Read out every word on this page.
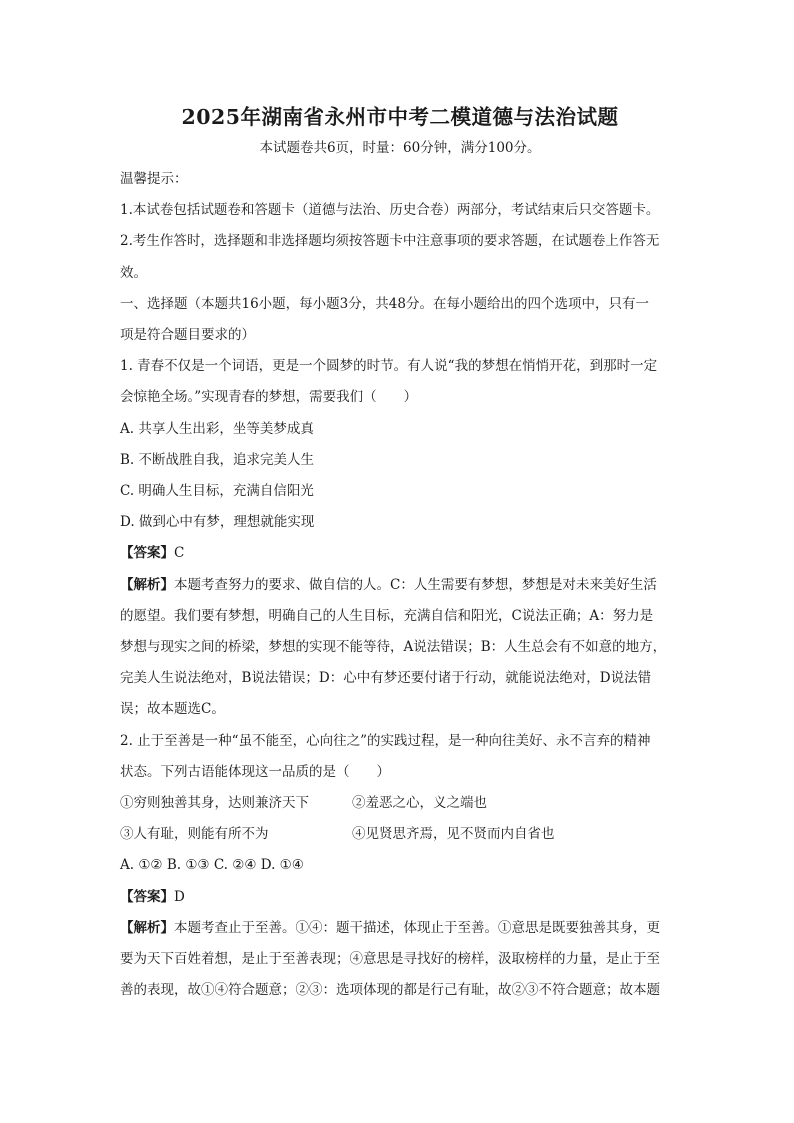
2025年湖南省永州市中考二模道德与法治试题

本试题卷共6页，时量：60分钟，满分100分。

温馨提示：

1.本试卷包括试题卷和答题卡（道德与法治、历史合卷）两部分，考试结束后只交答题卡。

2.考生作答时，选择题和非选择题均须按答题卡中注意事项的要求答题，在试题卷上作答无

效。

一、选择题（本题共16小题，每小题3分，共48分。在每小题给出的四个选项中，只有一

项是符合题目要求的）

1. 青春不仅是一个词语，更是一个圆梦的时节。有人说“我的梦想在悄悄开花，到那时一定

会惊艳全场。”实现青春的梦想，需要我们（　　）

A. 共享人生出彩，坐等美梦成真

B. 不断战胜自我，追求完美人生

C. 明确人生目标，充满自信阳光

D. 做到心中有梦，理想就能实现

【答案】C

【解析】本题考查努力的要求、做自信的人。C：人生需要有梦想，梦想是对未来美好生活

的愿望。我们要有梦想，明确自己的人生目标，充满自信和阳光，C说法正确；A：努力是

梦想与现实之间的桥梁，梦想的实现不能等待，A说法错误；B：人生总会有不如意的地方，

完美人生说法绝对，B说法错误；D：心中有梦还要付诸于行动，就能说法绝对，D说法错

误；故本题选C。

2. 止于至善是一种“虽不能至，心向往之”的实践过程，是一种向往美好、永不言弃的精神

状态。下列古语能体现这一品质的是（　　）

①穷则独善其身，达则兼济天下	②羞恶之心，义之端也
③人有耻，则能有所不为	④见贤思齐焉，见不贤而内自省也

A. ①② B. ①③ C. ②④ D. ①④

【答案】D

【解析】本题考查止于至善。①④：题干描述，体现止于至善。①意思是既要独善其身，更

要为天下百姓着想，是止于至善表现；④意思是寻找好的榜样，汲取榜样的力量，是止于至

善的表现，故①④符合题意；②③：选项体现的都是行己有耻，故②③不符合题意；故本题
